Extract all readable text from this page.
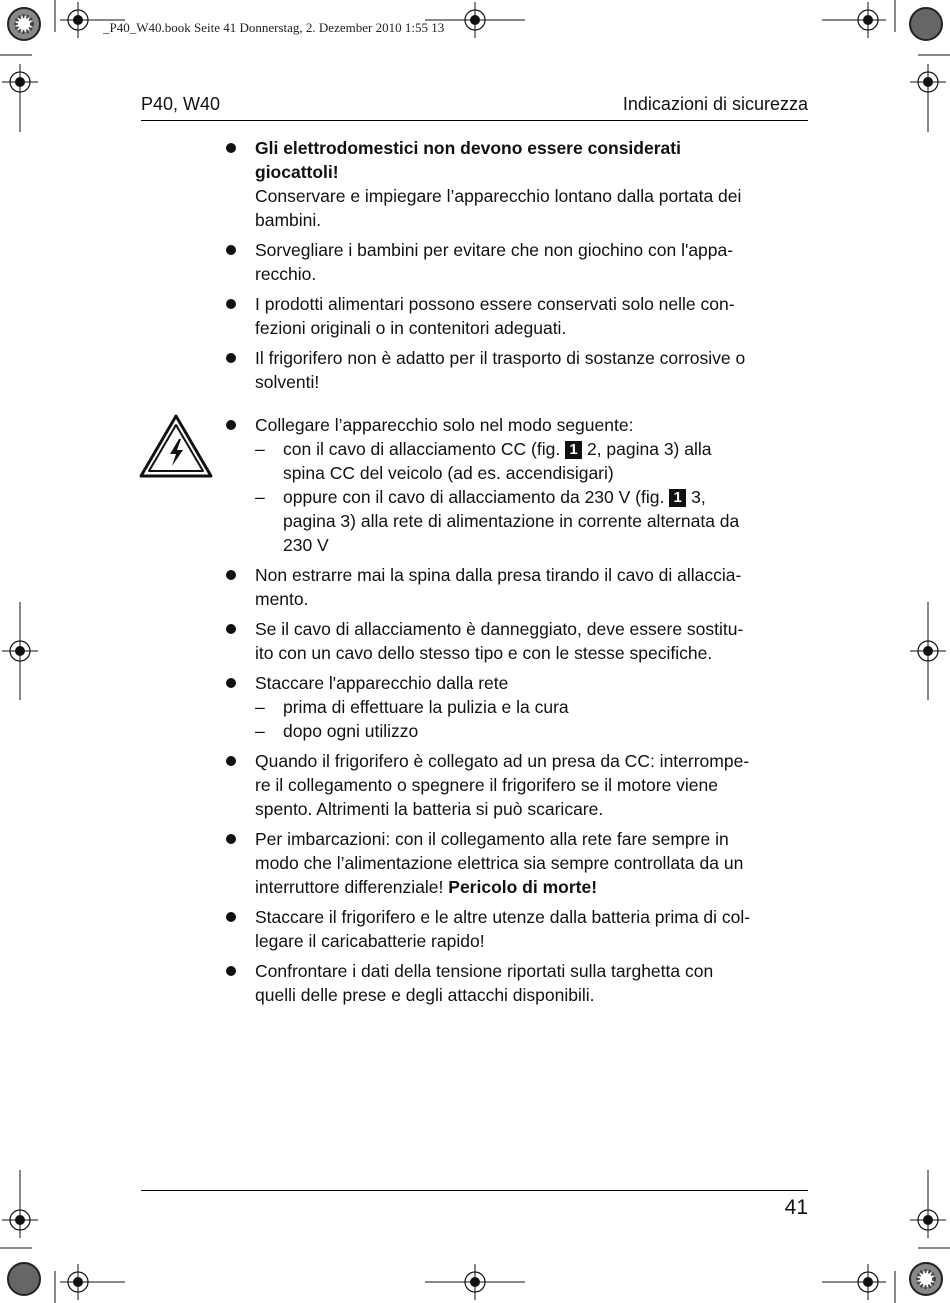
_P40_W40.book Seite 41 Donnerstag, 2. Dezember 2010 1:55 13
P40, W40	Indicazioni di sicurezza
Gli elettrodomestici non devono essere considerati
giocattoli!
Conservare e impiegare l’apparecchio lontano dalla portata dei
bambini.
Sorvegliare i bambini per evitare che non giochino con l'appa-
recchio.
I prodotti alimentari possono essere conservati solo nelle con-
fezioni originali o in contenitori adeguati.
Il frigorifero non è adatto per il trasporto di sostanze corrosive o
solventi!
Collegare l’apparecchio solo nel modo seguente:
– con il cavo di allacciamento CC (fig. 1 2, pagina 3) alla
spina CC del veicolo (ad es. accendisigari)
– oppure con il cavo di allacciamento da 230 V (fig. 1 3,
pagina 3) alla rete di alimentazione in corrente alternata da
230 V
Non estrarre mai la spina dalla presa tirando il cavo di allaccia-
mento.
Se il cavo di allacciamento è danneggiato, deve essere sostitu-
ito con un cavo dello stesso tipo e con le stesse specifiche.
Staccare l'apparecchio dalla rete
– prima di effettuare la pulizia e la cura
– dopo ogni utilizzo
Quando il frigorifero è collegato ad un presa da CC: interrompe-
re il collegamento o spegnere il frigorifero se il motore viene
spento. Altrimenti la batteria si può scaricare.
Per imbarcazioni: con il collegamento alla rete fare sempre in
modo che l’alimentazione elettrica sia sempre controllata da un
interruttore differenziale! Pericolo di morte!
Staccare il frigorifero e le altre utenze dalla batteria prima di col-
legare il caricabatterie rapido!
Confrontare i dati della tensione riportati sulla targhetta con
quelli delle prese e degli attacchi disponibili.
41
